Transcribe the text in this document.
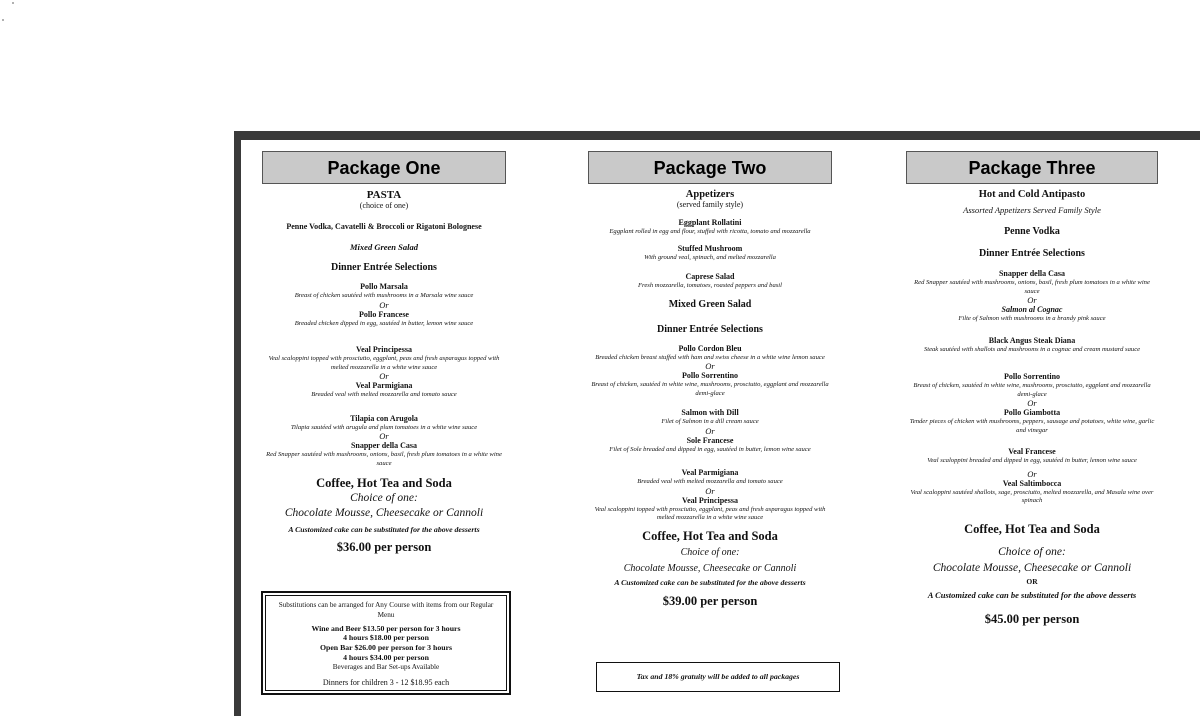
Package One
PASTA
(choice of one)
Penne Vodka, Cavatelli & Broccoli or Rigatoni Bolognese
Mixed Green Salad
Dinner Entrée Selections
Pollo Marsala
Breast of chicken sautéed with mushrooms in a Marsala wine sauce
Or
Pollo Francese
Breaded chicken dipped in egg, sautéed in butter, lemon wine sauce
Veal Principessa
Veal scaloppini topped with prosciutto, eggplant, peas and fresh asparagus topped with melted mozzarella in a white wine sauce
Or
Veal Parmigiana
Breaded veal with melted mozzarella and tomato sauce
Tilapia con Arugola
Tilapia sautéed with arugula and plum tomatoes in a white wine sauce
Or
Snapper della Casa
Red Snapper sautéed with mushrooms, onions, basil, fresh plum tomatoes in a white wine sauce
Coffee, Hot Tea and Soda
Choice of one:
Chocolate Mousse, Cheesecake or Cannoli
A Customized cake can be substituted for the above desserts
$36.00 per person
Substitutions can be arranged for Any Course with items from our Regular Menu
Wine and Beer $13.50 per person for 3 hours
4 hours $18.00 per person
Open Bar $26.00 per person for 3 hours
4 hours $34.00 per person
Beverages and Bar Set-ups Available
Dinners for children 3 - 12 $18.95 each
Package Two
Appetizers
(served family style)
Eggplant Rollatini
Eggplant rolled in egg and flour, stuffed with ricotta, tomato and mozzarella
Stuffed Mushroom
With ground veal, spinach, and melted mozzarella
Caprese Salad
Fresh mozzarella, tomatoes, roasted peppers and basil
Mixed Green Salad
Dinner Entrée Selections
Pollo Cordon Bleu
Breaded chicken breast stuffed with ham and swiss cheese in a white wine lemon sauce
Or
Pollo Sorrentino
Breast of chicken, sautéed in white wine, mushrooms, prosciutto, eggplant and mozzarella demi-glace
Salmon with Dill
Filet of Salmon in a dill cream sauce
Or
Sole Francese
Filet of Sole breaded and dipped in egg, sautéed in butter, lemon wine sauce
Veal Parmigiana
Breaded veal with melted mozzarella and tomato sauce
Or
Veal Principessa
Veal scaloppini topped with prosciutto, eggplant, peas and fresh asparagus topped with melted mozzarella in a white wine sauce
Coffee, Hot Tea and Soda
Choice of one:
Chocolate Mousse, Cheesecake or Cannoli
A Customized cake can be substituted for the above desserts
$39.00 per person
Tax and 18% gratuity will be added to all packages
Package Three
Hot and Cold Antipasto
Assorted Appetizers Served Family Style
Penne Vodka
Dinner Entrée Selections
Snapper della Casa
Red Snapper sautéed with mushrooms, onions, basil, fresh plum tomatoes in a white wine sauce
Or
Salmon al Cognac
Filte of Salmon with mushrooms in a brandy pink sauce
Black Angus Steak Diana
Steak sautéed with shallots and mushrooms in a cognac and cream mustard sauce
Pollo Sorrentino
Breast of chicken, sautéed in white wine, mushrooms, prosciutto, eggplant and mozzarella demi-glace
Or
Pollo Giambotta
Tender pieces of chicken with mushrooms, peppers, sausage and potatoes, white wine, garlic and vinegar
Veal Francese
Veal scaloppini breaded and dipped in egg, sautéed in butter, lemon wine sauce
Or
Veal Saltimbocca
Veal scaloppini sautéed shallots, sage, prosciutto, melted mozzarella, and Masala wine over spinach
Coffee, Hot Tea and Soda
Choice of one:
Chocolate Mousse, Cheesecake or Cannoli
OR
A Customized cake can be substituted for the above desserts
$45.00 per person
